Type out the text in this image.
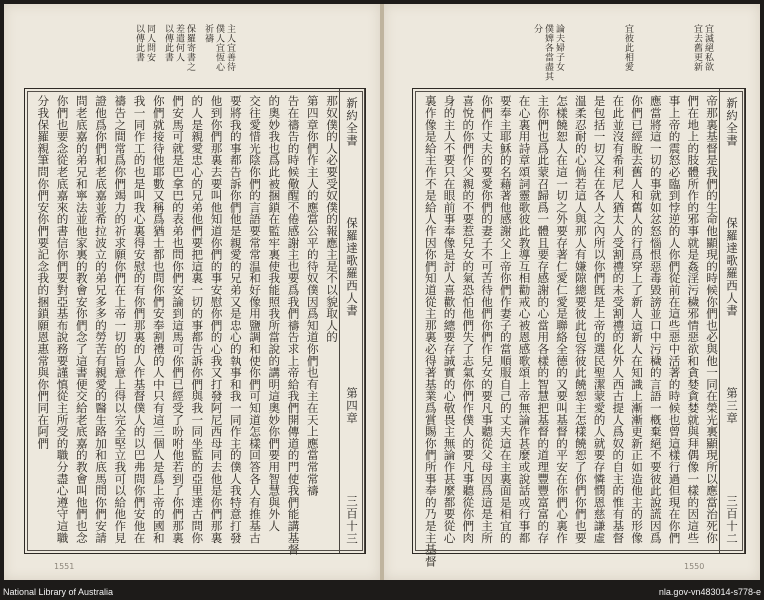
主人宜善待
僕人宜恆心
祈禱
保羅寄書之
差遣何人
以傳此書
同人問安
以傳此書
新約全書
保羅達歌羅西人書
第四章
三百十三
那奴僕的人必要受奴僕的報應主是不以貌取人的
第四章你們作主人的應當公平的待奴僕因爲知道你們也有主在天上應當常常禱
告在禱告的時候儆醒不倦感謝主也要爲我們禱告求上帝給我們開傳道的門使我們能講基督
的奧妙我也爲此被捆鎖在監牢裏使我能照我所當說的講明這奧妙你們要用智慧與外人
交往愛惜光陰你們的言語要常常温和好像用鹽調和使你們可知道怎樣回答各人有推基古
要將我的事都告訴你們他是親愛的兄弟又是忠心的執事和我一同作主的僕人我特意打發
他到你們那裏去要叫他知道你們的事安慰你們的心我又打發阿尼西母同去他是你們那裏
的人是親愛忠心的兄弟他們要把這裏一切的事都告訴你們與我一同坐監的亞里達古問你
們安馬可就是巴拿巴的表弟也問你們安論到這馬可你們已經受了吩咐他若到了你們那裏
你們就接待他耶數又稱爲猶士都也問你們安奉割禮的人中只有這三個人是爲上帝的國和
我一同作工的也是叫我心裏得安慰的有你們那裏的人作基督僕人的以巴弗問你們安他在
禱告之間常爲你們竭力的祈求願你們在上帝一切的旨意上得以完全堅立我可以給他作見
證他爲你們和老底嘉並希拉波立的弟兄多多的勞苦有親愛的醫生路加和底馬問你們安請
問老底嘉的弟兄和寧法並他家裏的教會安你們念了這書便交給老底嘉的教會叫他們也念
你們也要念從老底嘉來的書信你們要對亞基布說務要謹慎從主所受的職分盡心遵守這職
分我保羅親筆問你們安你們要記念我的捆鎖願恩惠常與你們同在阿們
1551
宜滅絕私欲
宜去舊更新
宜彼此相愛
論夫婦子女
僕婢各當盡其
分
新約全書
保羅達歌羅西人書
第三章
三百十二
帝那裏基督是我們的生命他顯現的時候你們也必與他一同在榮光裏顯現所以應當治死你
們在地上的肢體所作的邪事就是姦淫污穢邪情惡欲和貪婪貪婪就與拜偶像一樣的因這些
事上帝的震怒必臨到悖逆的人你們從前在這些惡中活著的時候也曾這樣行過但現在你們
應當將這一切的事就如忿怒惱恨惡毒毀謗並口中污穢的言語一槪棄絕不要彼此說謊因爲
你們已經脫去舊人和舊人的行爲穿上了新人這新人在知識上漸漸更新正如造他主的形像
在此並沒有希利尼人猶太人受割禮的未受割禮的化外人西古提人爲奴的自主的惟有基督
是包括一切又住在各人之內所以你們旣是上帝的選民聖潔蒙愛的人就要存憐憫恩慈謙虛
溫柔忍耐的心倘若這人與那人有嫌隙總要彼此包容彼此饒恕主怎樣饒恕了你們你們也要
怎樣饒恕人在這一切之外要存著仁愛仁愛是聯絡全德的又要叫基督的平安在你們心裏作
主你們也爲此蒙召歸爲一體且要存感謝的心當用各樣的智慧把基督的道理豐豐富富的存
在心裏用詩章頌詞靈歌彼此教導互相勸戒心被恩感歌頌上帝無論作甚麼或說話或行事都
要奉主耶穌的名藉著他感謝父上帝你們作妻子的當順服自己的丈夫這在主裏面是相宜的
你們作丈夫的要愛你們的妻子不可苦待他們你們作兒女的要凡事聽從父母因爲這是主所
喜悅的你們作父親的不要惹兒女的氣恐怕他們失了志氣你們作僕人的要凡事聽從你們肉
身的主人不要只在眼前事奉像是討人喜歡的總要存誠實的心敬畏主無論作甚麼都要從心
裏作像是給主作不是給人作因你們知道從主那裏必得著基業爲賞賜你們所事奉的乃是主基督	1550
National Library of Australia	nla.gov-vn483014-s778-e
